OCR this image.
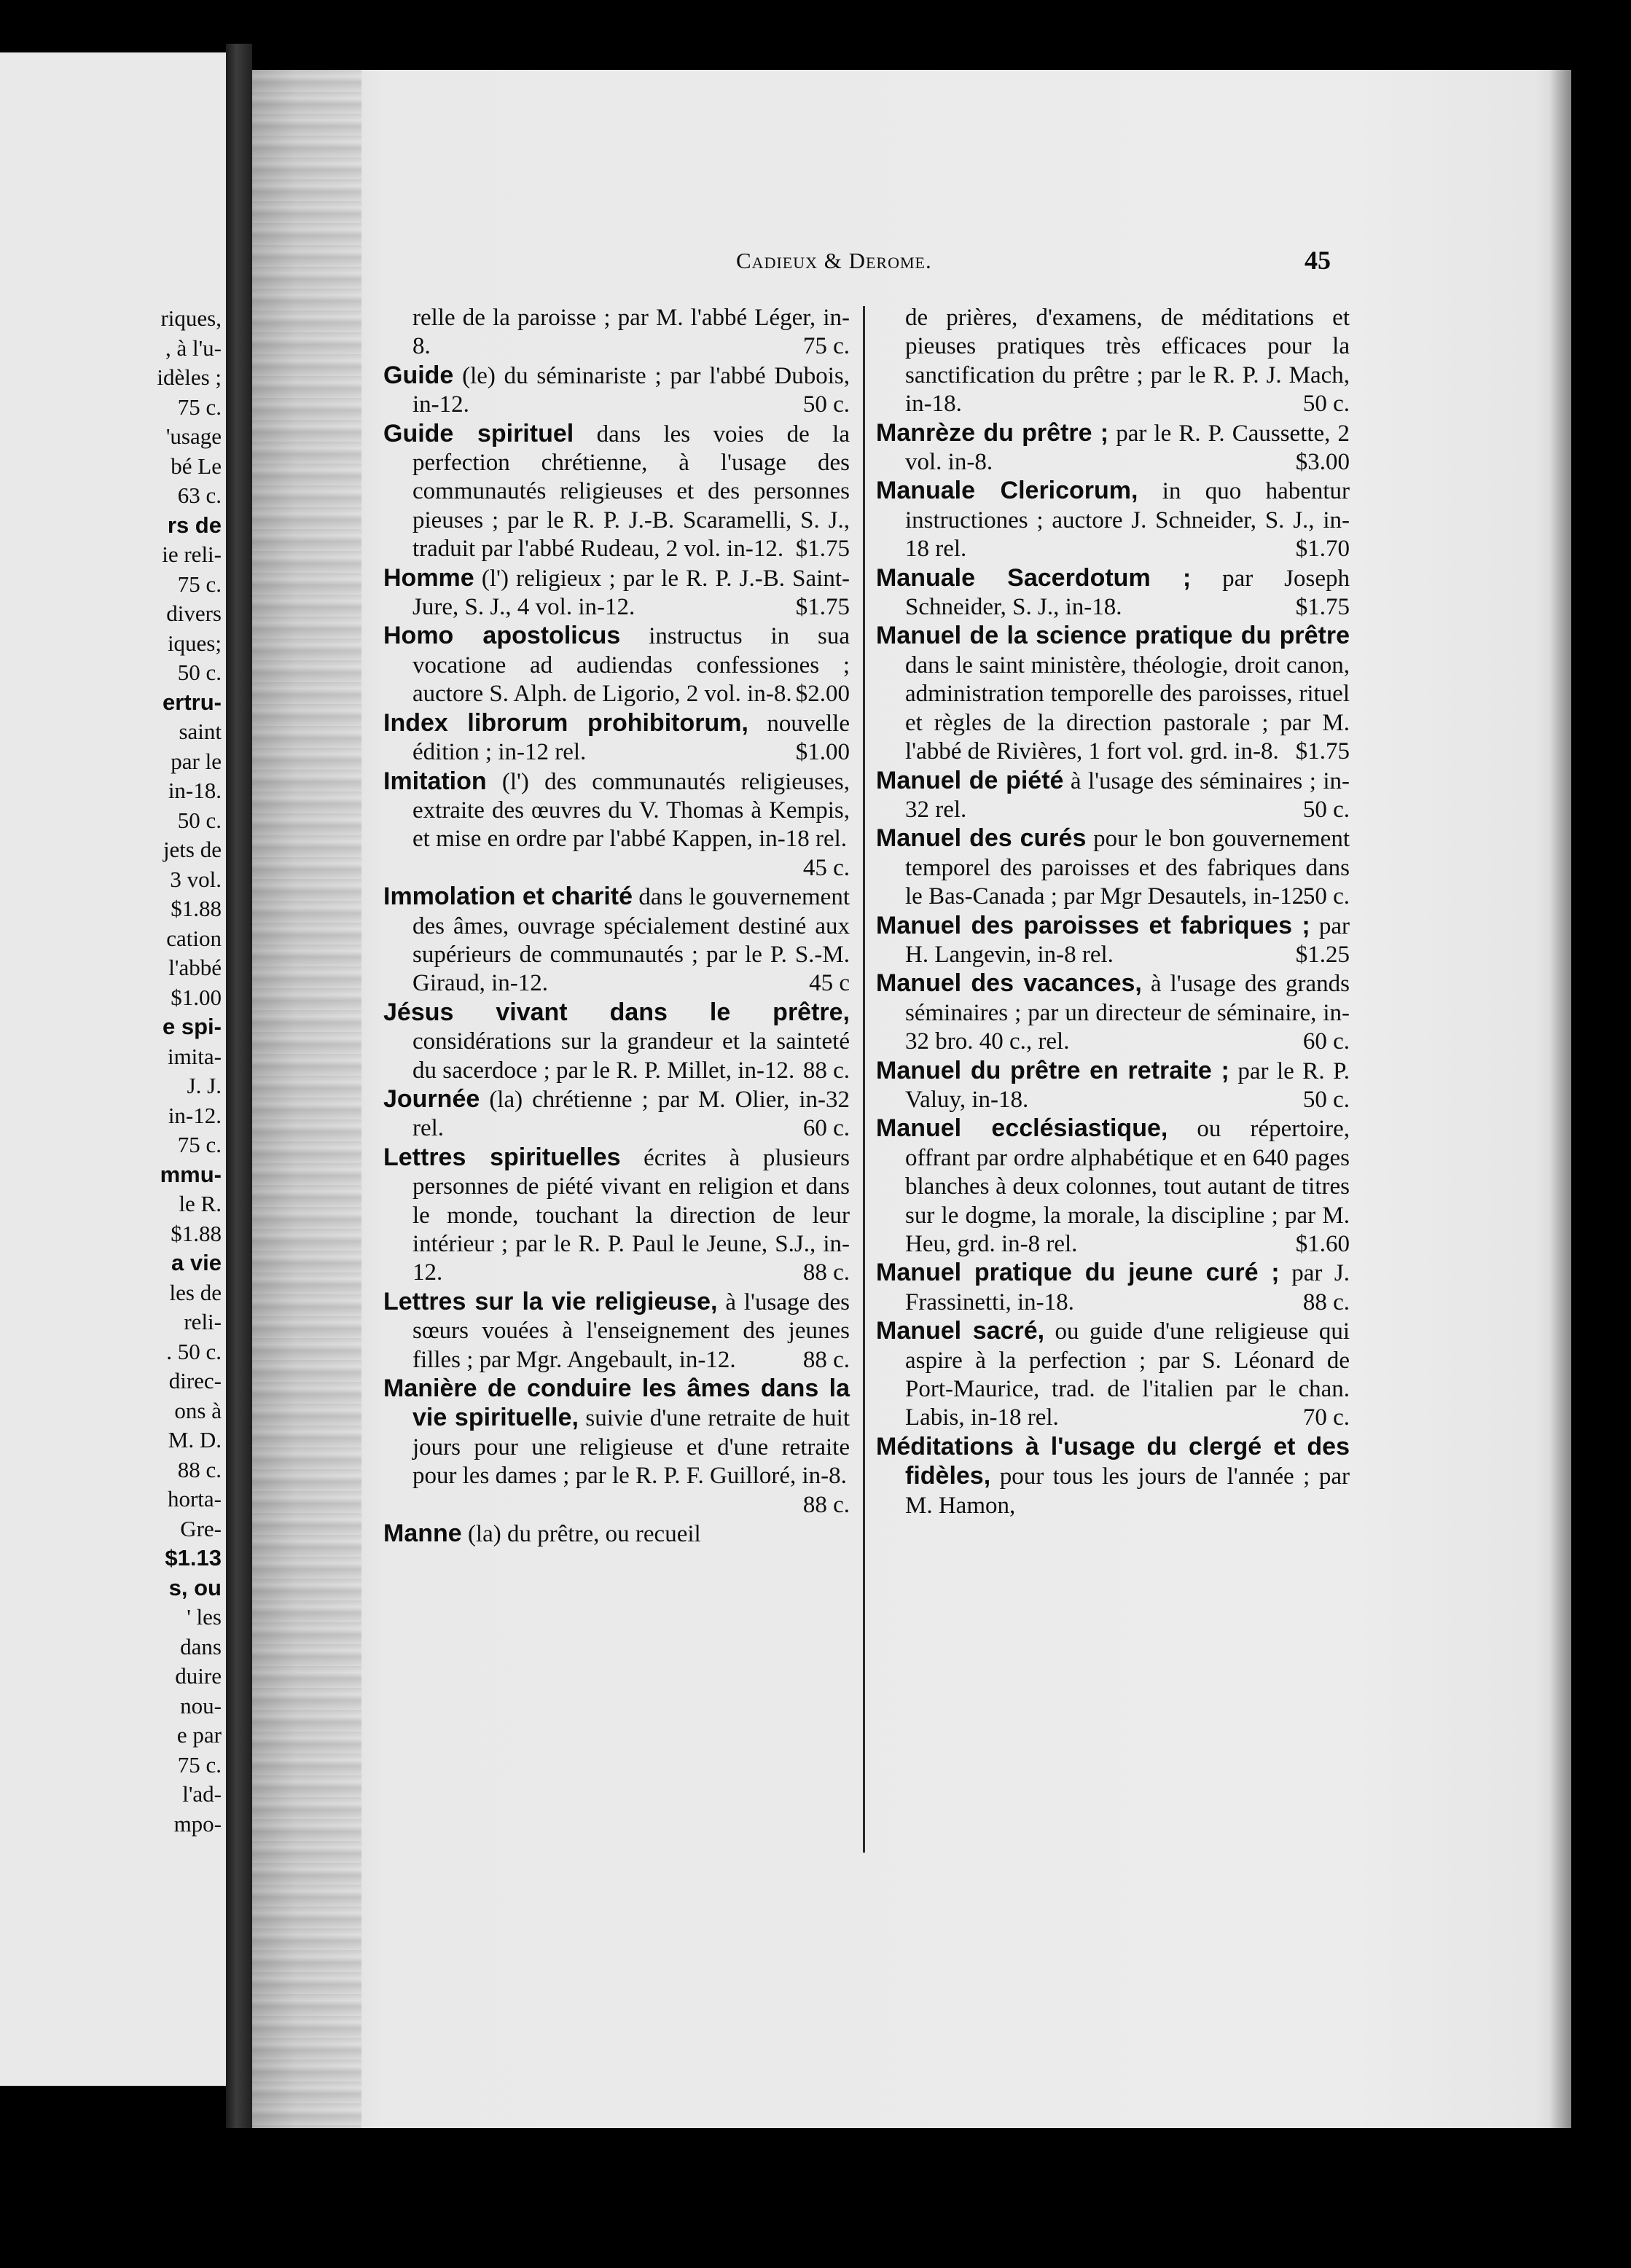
riques,
, à l'u-
idèles ;
75 c.
'usage
bé Le
63 c.
rs de
ie reli-
75 c.
divers
iques;
50 c.
ertru-
saint
par le
in-18.
50 c.
jets de
3 vol.
$1.88
cation
l'abbé
$1.00
e spi-
imita-
J. J.
in-12.
75 c.
mmu-
le R.
$1.88
a vie
les de
reli-
. 50 c.
direc-
ons à
M. D.
88 c.
horta-
Gre-
$1.13
s, ou
' les
dans
duire
nou-
e par
75 c.
l'ad-
mpo-
Cadieux & Derome.	45
relle de la paroisse ; par M. l'abbé Léger, in-8.	75 c.
Guide (le) du séminariste ; par l'abbé Dubois, in-12.	50 c.
Guide spirituel dans les voies de la perfection chrétienne, à l'usage des communautés religieuses et des personnes pieuses ; par le R. P. J.-B. Scaramelli, S. J., traduit par l'abbé Rudeau, 2 vol. in-12. $1.75
Homme (l') religieux ; par le R. P. J.-B. Saint-Jure, S. J., 4 vol. in-12.	$1.75
Homo apostolicus instructus in sua vocatione ad audiendas confessiones ; auctore S. Alph. de Ligorio, 2 vol. in-8. $2.00
Index librorum prohibitorum, nouvelle édition ; in-12 rel.	$1.00
Imitation (l') des communautés religieuses, extraite des œuvres du V. Thomas à Kempis, et mise en ordre par l'abbé Kappen, in-18 rel.
45 c.
Immolation et charité dans le gouvernement des âmes, ouvrage spécialement destiné aux supérieurs de communautés ; par le P. S.-M. Giraud, in-12.	45 c
Jésus vivant dans le prêtre, considérations sur la grandeur et la sainteté du sacerdoce ; par le R. P. Millet, in-12. 88 c.
Journée (la) chrétienne ; par M. Olier, in-32 rel.	60 c.
Lettres spirituelles écrites à plusieurs personnes de piété vivant en religion et dans le monde, touchant la direction de leur intérieur ; par le R. P. Paul le Jeune, S.J., in-12.	88 c.
Lettres sur la vie religieuse, à l'usage des sœurs vouées à l'enseignement des jeunes filles ; par Mgr. Angebault, in-12.	88 c.
Manière de conduire les âmes dans la vie spirituelle, suivie d'une retraite de huit jours pour une religieuse et d'une retraite pour les dames ; par le R. P. F. Guilloré, in-8.
88 c.
Manne (la) du prêtre, ou recueil
de prières, d'examens, de méditations et pieuses pratiques très efficaces pour la sanctification du prêtre ; par le R. P. J. Mach, in-18.	50 c.
Manrèze du prêtre ; par le R. P. Caussette, 2 vol. in-8.	$3.00
Manuale Clericorum, in quo habentur instructiones ; auctore J. Schneider, S. J., in-18 rel.	$1.70
Manuale Sacerdotum ; par Joseph Schneider, S. J., in-18.	$1.75
Manuel de la science pratique du prêtre dans le saint ministère, théologie, droit canon, administration temporelle des paroisses, rituel et règles de la direction pastorale ; par M. l'abbé de Rivières, 1 fort vol. grd. in-8. $1.75
Manuel de piété à l'usage des séminaires ; in-32 rel.	50 c.
Manuel des curés pour le bon gouvernement temporel des paroisses et des fabriques dans le Bas-Canada ; par Mgr Desautels, in-12.
50 c.
Manuel des paroisses et fabriques ; par H. Langevin, in-8 rel.	$1.25
Manuel des vacances, à l'usage des grands séminaires ; par un directeur de séminaire, in-32 bro. 40 c., rel.	60 c.
Manuel du prêtre en retraite ; par le R. P. Valuy, in-18.	50 c.
Manuel ecclésiastique, ou répertoire, offrant par ordre alphabétique et en 640 pages blanches à deux colonnes, tout autant de titres sur le dogme, la morale, la discipline ; par M. Heu, grd. in-8 rel.	$1.60
Manuel pratique du jeune curé ; par J. Frassinetti, in-18.	88 c.
Manuel sacré, ou guide d'une religieuse qui aspire à la perfection ; par S. Léonard de Port-Maurice, trad. de l'italien par le chan. Labis, in-18 rel.	70 c.
Méditations à l'usage du clergé et des fidèles, pour tous les jours de l'année ; par M. Hamon,
